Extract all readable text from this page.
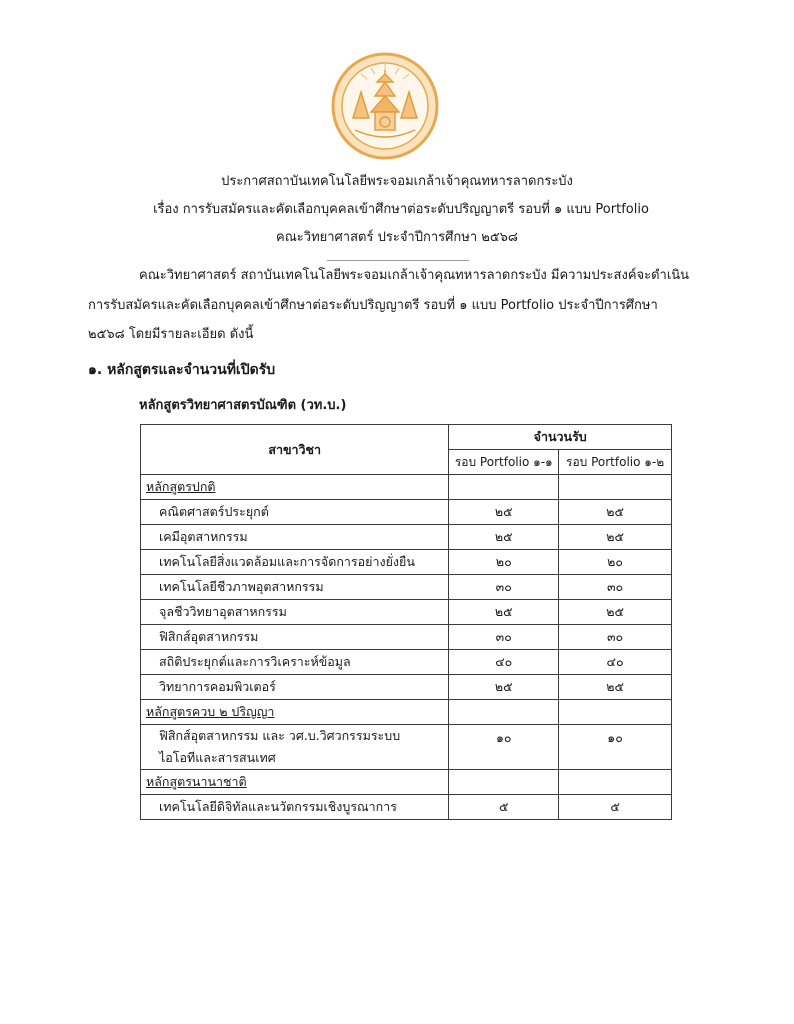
ประกาศสถาบันเทคโนโลยีพระจอมเกล้าเจ้าคุณทหารลาดกระบัง
เรื่อง การรับสมัครและคัดเลือกบุคคลเข้าศึกษาต่อระดับปริญญาตรี รอบที่ ๑ แบบ Portfolio
คณะวิทยาศาสตร์ ประจำปีการศึกษา ๒๕๖๘
คณะวิทยาศาสตร์ สถาบันเทคโนโลยีพระจอมเกล้าเจ้าคุณทหารลาดกระบัง มีความประสงค์จะดำเนิน
การรับสมัครและคัดเลือกบุคคลเข้าศึกษาต่อระดับปริญญาตรี รอบที่ ๑ แบบ Portfolio ประจำปีการศึกษา
๒๕๖๘ โดยมีรายละเอียด ดังนี้
๑. หลักสูตรและจำนวนที่เปิดรับ
หลักสูตรวิทยาศาสตรบัณฑิต (วท.บ.)
สาขาวิชา	จำนวนรับ	
	รอบ Portfolio ๑-๑	รอบ Portfolio ๑-๒
หลักสูตรปกติ		
คณิตศาสตร์ประยุกต์	๒๕	๒๕
เคมีอุตสาหกรรม	๒๕	๒๕
เทคโนโลยีสิ่งแวดล้อมและการจัดการอย่างยั่งยืน	๒๐	๒๐
เทคโนโลยีชีวภาพอุตสาหกรรม	๓๐	๓๐
จุลชีววิทยาอุตสาหกรรม	๒๕	๒๕
ฟิสิกส์อุตสาหกรรม	๓๐	๓๐
สถิติประยุกต์และการวิเคราะห์ข้อมูล	๔๐	๔๐
วิทยาการคอมพิวเตอร์	๒๕	๒๕
หลักสูตรควบ ๒ ปริญญา		

ฟิสิกส์อุตสาหกรรม และ วศ.บ.วิศวกรรมระบบ
ไอโอทีและสารสนเทศ	๑๐	๑๐
หลักสูตรนานาชาติ		
เทคโนโลยีดิจิทัลและนวัตกรรมเชิงบูรณาการ	๕	๕
